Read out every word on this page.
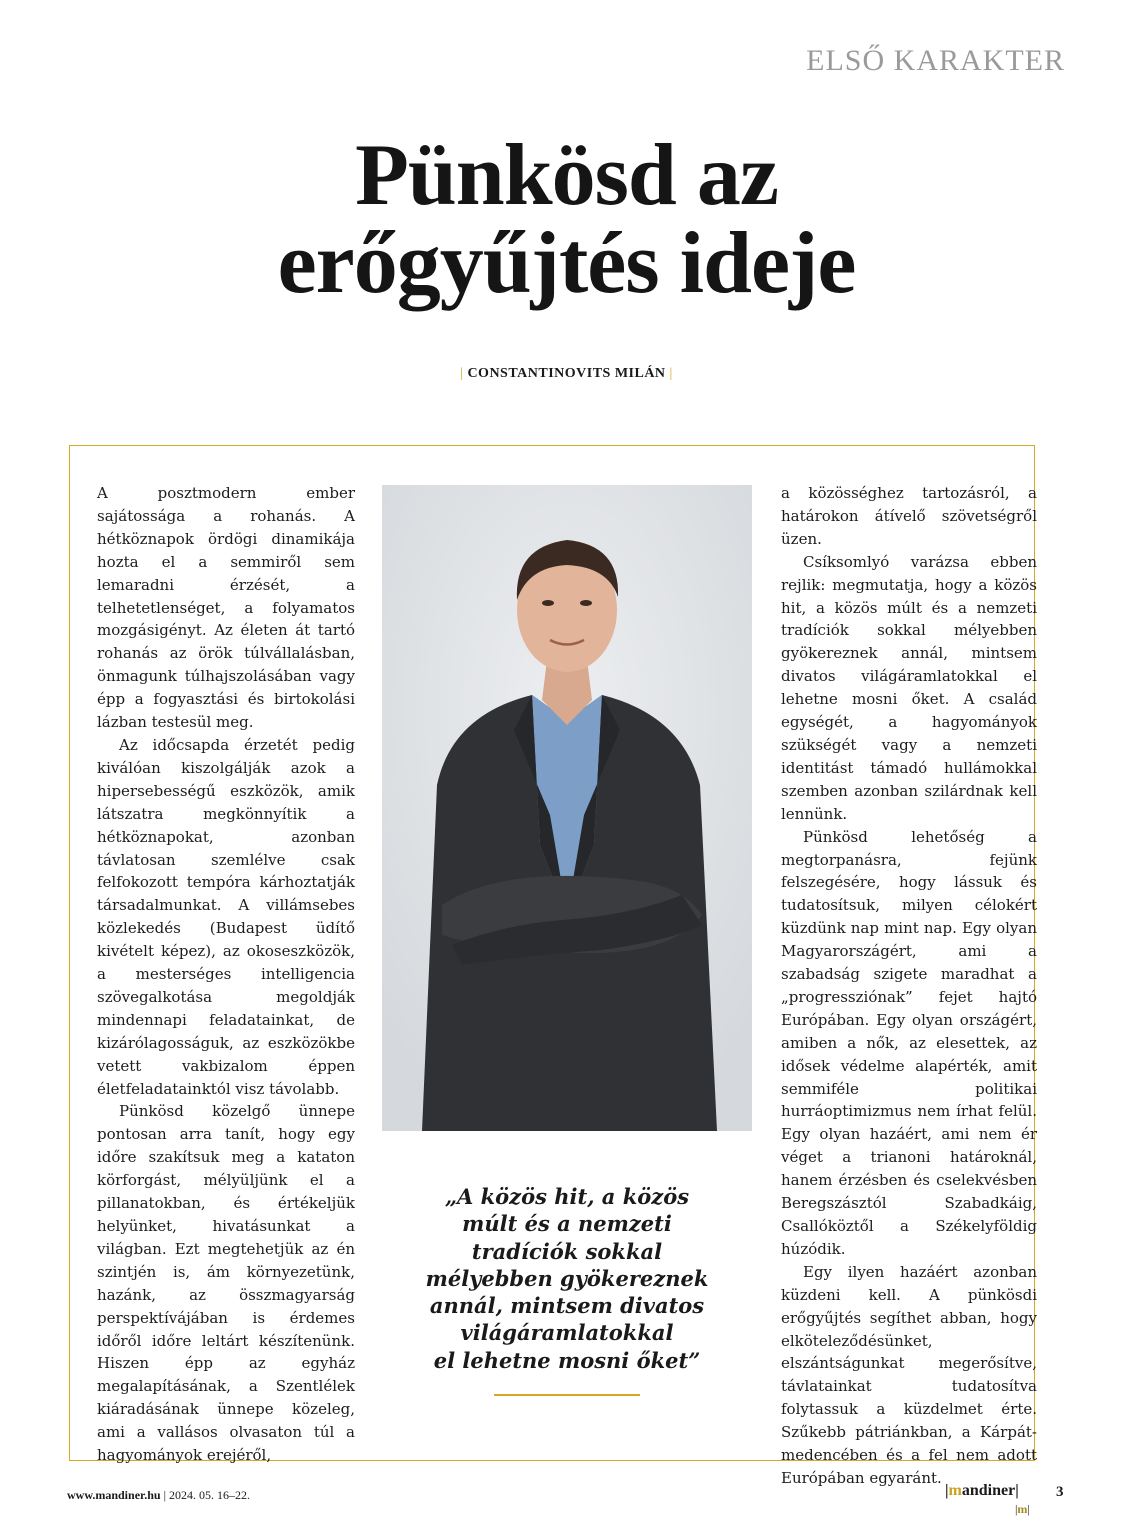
ELSŐ KARAKTER
Pünkösd az
erőgyűjtés ideje
| CONSTANTINOVITS MILÁN |

A posztmodern ember sajátossága a rohanás. A hétköznapok ördögi dinamikája hozta el a semmiről sem lemaradni érzését, a telhetetlenséget, a folyamatos mozgásigényt. Az életen át tartó rohanás az örök túlvállalásban, önmagunk túlhajszolásában vagy épp a fogyasztási és birtokolási lázban testesül meg.

Az időcsapda érzetét pedig kiválóan kiszolgálják azok a hipersebességű eszközök, amik látszatra megkönnyítik a hétköznapokat, azonban távlatosan szemlélve csak felfokozott tempóra kárhoztatják társadalmunkat. A villámsebes közlekedés (Budapest üdítő kivételt képez), az okoseszközök, a mesterséges intelligencia szövegalkotása megoldják mindennapi feladatainkat, de kizárólagosságuk, az eszközökbe vetett vakbizalom éppen életfeladatainktól visz távolabb.

Pünkösd közelgő ünnepe pontosan arra tanít, hogy egy időre szakítsuk meg a kataton körforgást, mélyüljünk el a pillanatokban, és értékeljük helyünket, hivatásunkat a világban. Ezt megtehetjük az én szintjén is, ám környezetünk, hazánk, az összmagyarság perspektívájában is érdemes időről időre leltárt készítenünk. Hiszen épp az egyház megalapításának, a Szentlélek kiáradásának ünnepe közeleg, ami a vallásos olvasaton túl a hagyományok erejéről,

„A közös hit, a közös
múlt és a nemzeti
tradíciók sokkal
mélyebben gyökereznek
annál, mintsem divatos
világáramlatokkal
el lehetne mosni őket”

a közösséghez tartozásról, a határokon átívelő szövetségről üzen.

Csíksomlyó varázsa ebben rejlik: megmutatja, hogy a közös hit, a közös múlt és a nemzeti tradíciók sokkal mélyebben gyökereznek annál, mintsem divatos világáramlatokkal el lehetne mosni őket. A család egységét, a hagyományok szükségét vagy a nemzeti identitást támadó hullámokkal szemben azonban szilárdnak kell lennünk.

Pünkösd lehetőség a megtorpanásra, fejünk felszegésére, hogy lássuk és tudatosítsuk, milyen célokért küzdünk nap mint nap. Egy olyan Magyarországért, ami a szabadság szigete maradhat a „progressziónak” fejet hajtó Európában. Egy olyan országért, amiben a nők, az elesettek, az idősek védelme alapérték, amit semmiféle politikai hurráoptimizmus nem írhat felül. Egy olyan hazáért, ami nem ér véget a trianoni határoknál, hanem érzésben és cselekvésben Beregszásztól Szabadkáig, Csallóköztől a Székelyföldig húzódik.

Egy ilyen hazáért azonban küzdeni kell. A pünkösdi erőgyűjtés segíthet abban, hogy elköteleződésünket, elszántságunkat megerősítve, távlatainkat tudatosítva folytassuk a küzdelmet érte. Szűkebb pátriánkban, a Kárpát-medencében és a fel nem adott Európában egyaránt.

|m|
www.mandiner.hu | 2024. 05. 16–22.	|mandiner| 3
